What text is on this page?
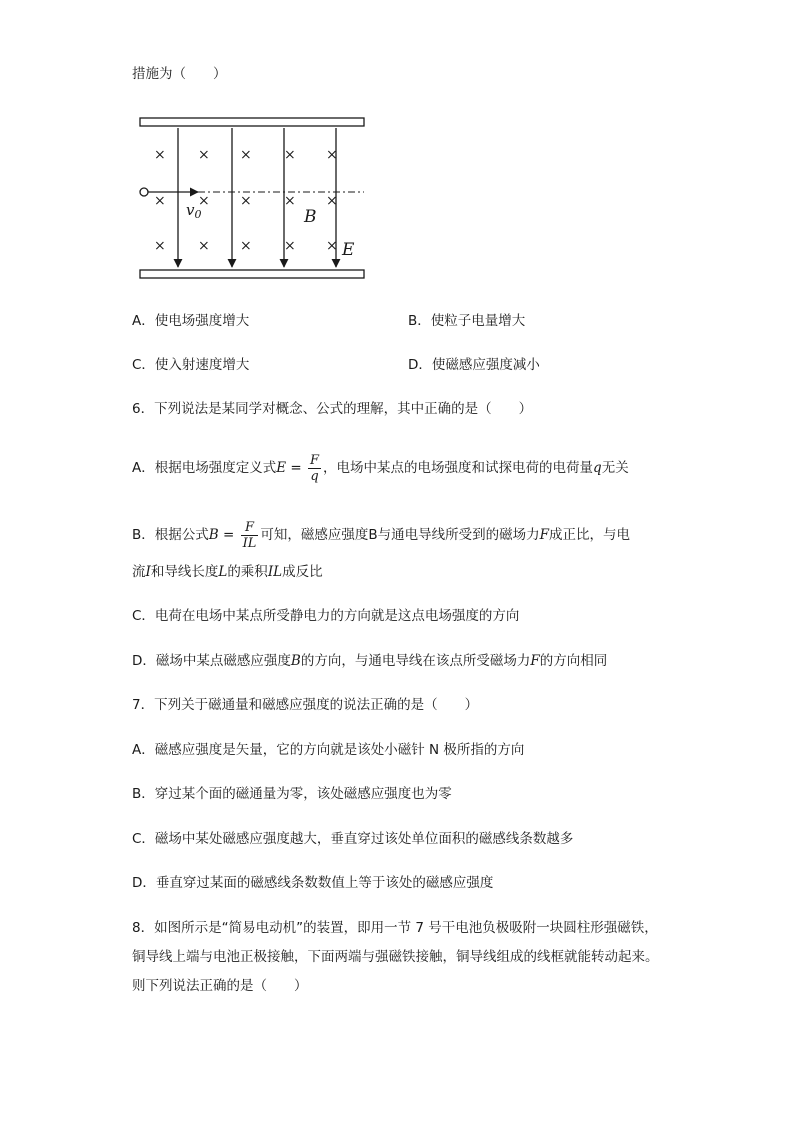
措施为（　　）
× × × × ×
× × × × ×
× × × × ×
$v_0$	B
E
A．使电场强度增大	B．使粒子电量增大
C．使入射速度增大	D．使磁感应强度减小
6．下列说法是某同学对概念、公式的理解，其中正确的是（　　）
A．根据电场强度定义式$E = \frac{F}{q}$ ，电场中某点的电场强度和试探电荷的电荷量q无关
B．根据公式$B = \frac{F}{IL}$ 可知，磁感应强度B与通电导线所受到的磁场力F成正比，与电
流I和导线长度L的乘积IL成反比
C．电荷在电场中某点所受静电力的方向就是这点电场强度的方向
D．磁场中某点磁感应强度B的方向，与通电导线在该点所受磁场力F的方向相同
7．下列关于磁通量和磁感应强度的说法正确的是（　　）
A．磁感应强度是矢量，它的方向就是该处小磁针 N 极所指的方向
B．穿过某个面的磁通量为零，该处磁感应强度也为零
C．磁场中某处磁感应强度越大，垂直穿过该处单位面积的磁感线条数越多
D．垂直穿过某面的磁感线条数数值上等于该处的磁感应强度
8．如图所示是“简易电动机”的装置，即用一节 7 号干电池负极吸附一块圆柱形强磁铁，
铜导线上端与电池正极接触，下面两端与强磁铁接触，铜导线组成的线框就能转动起来。
则下列说法正确的是（　　）
